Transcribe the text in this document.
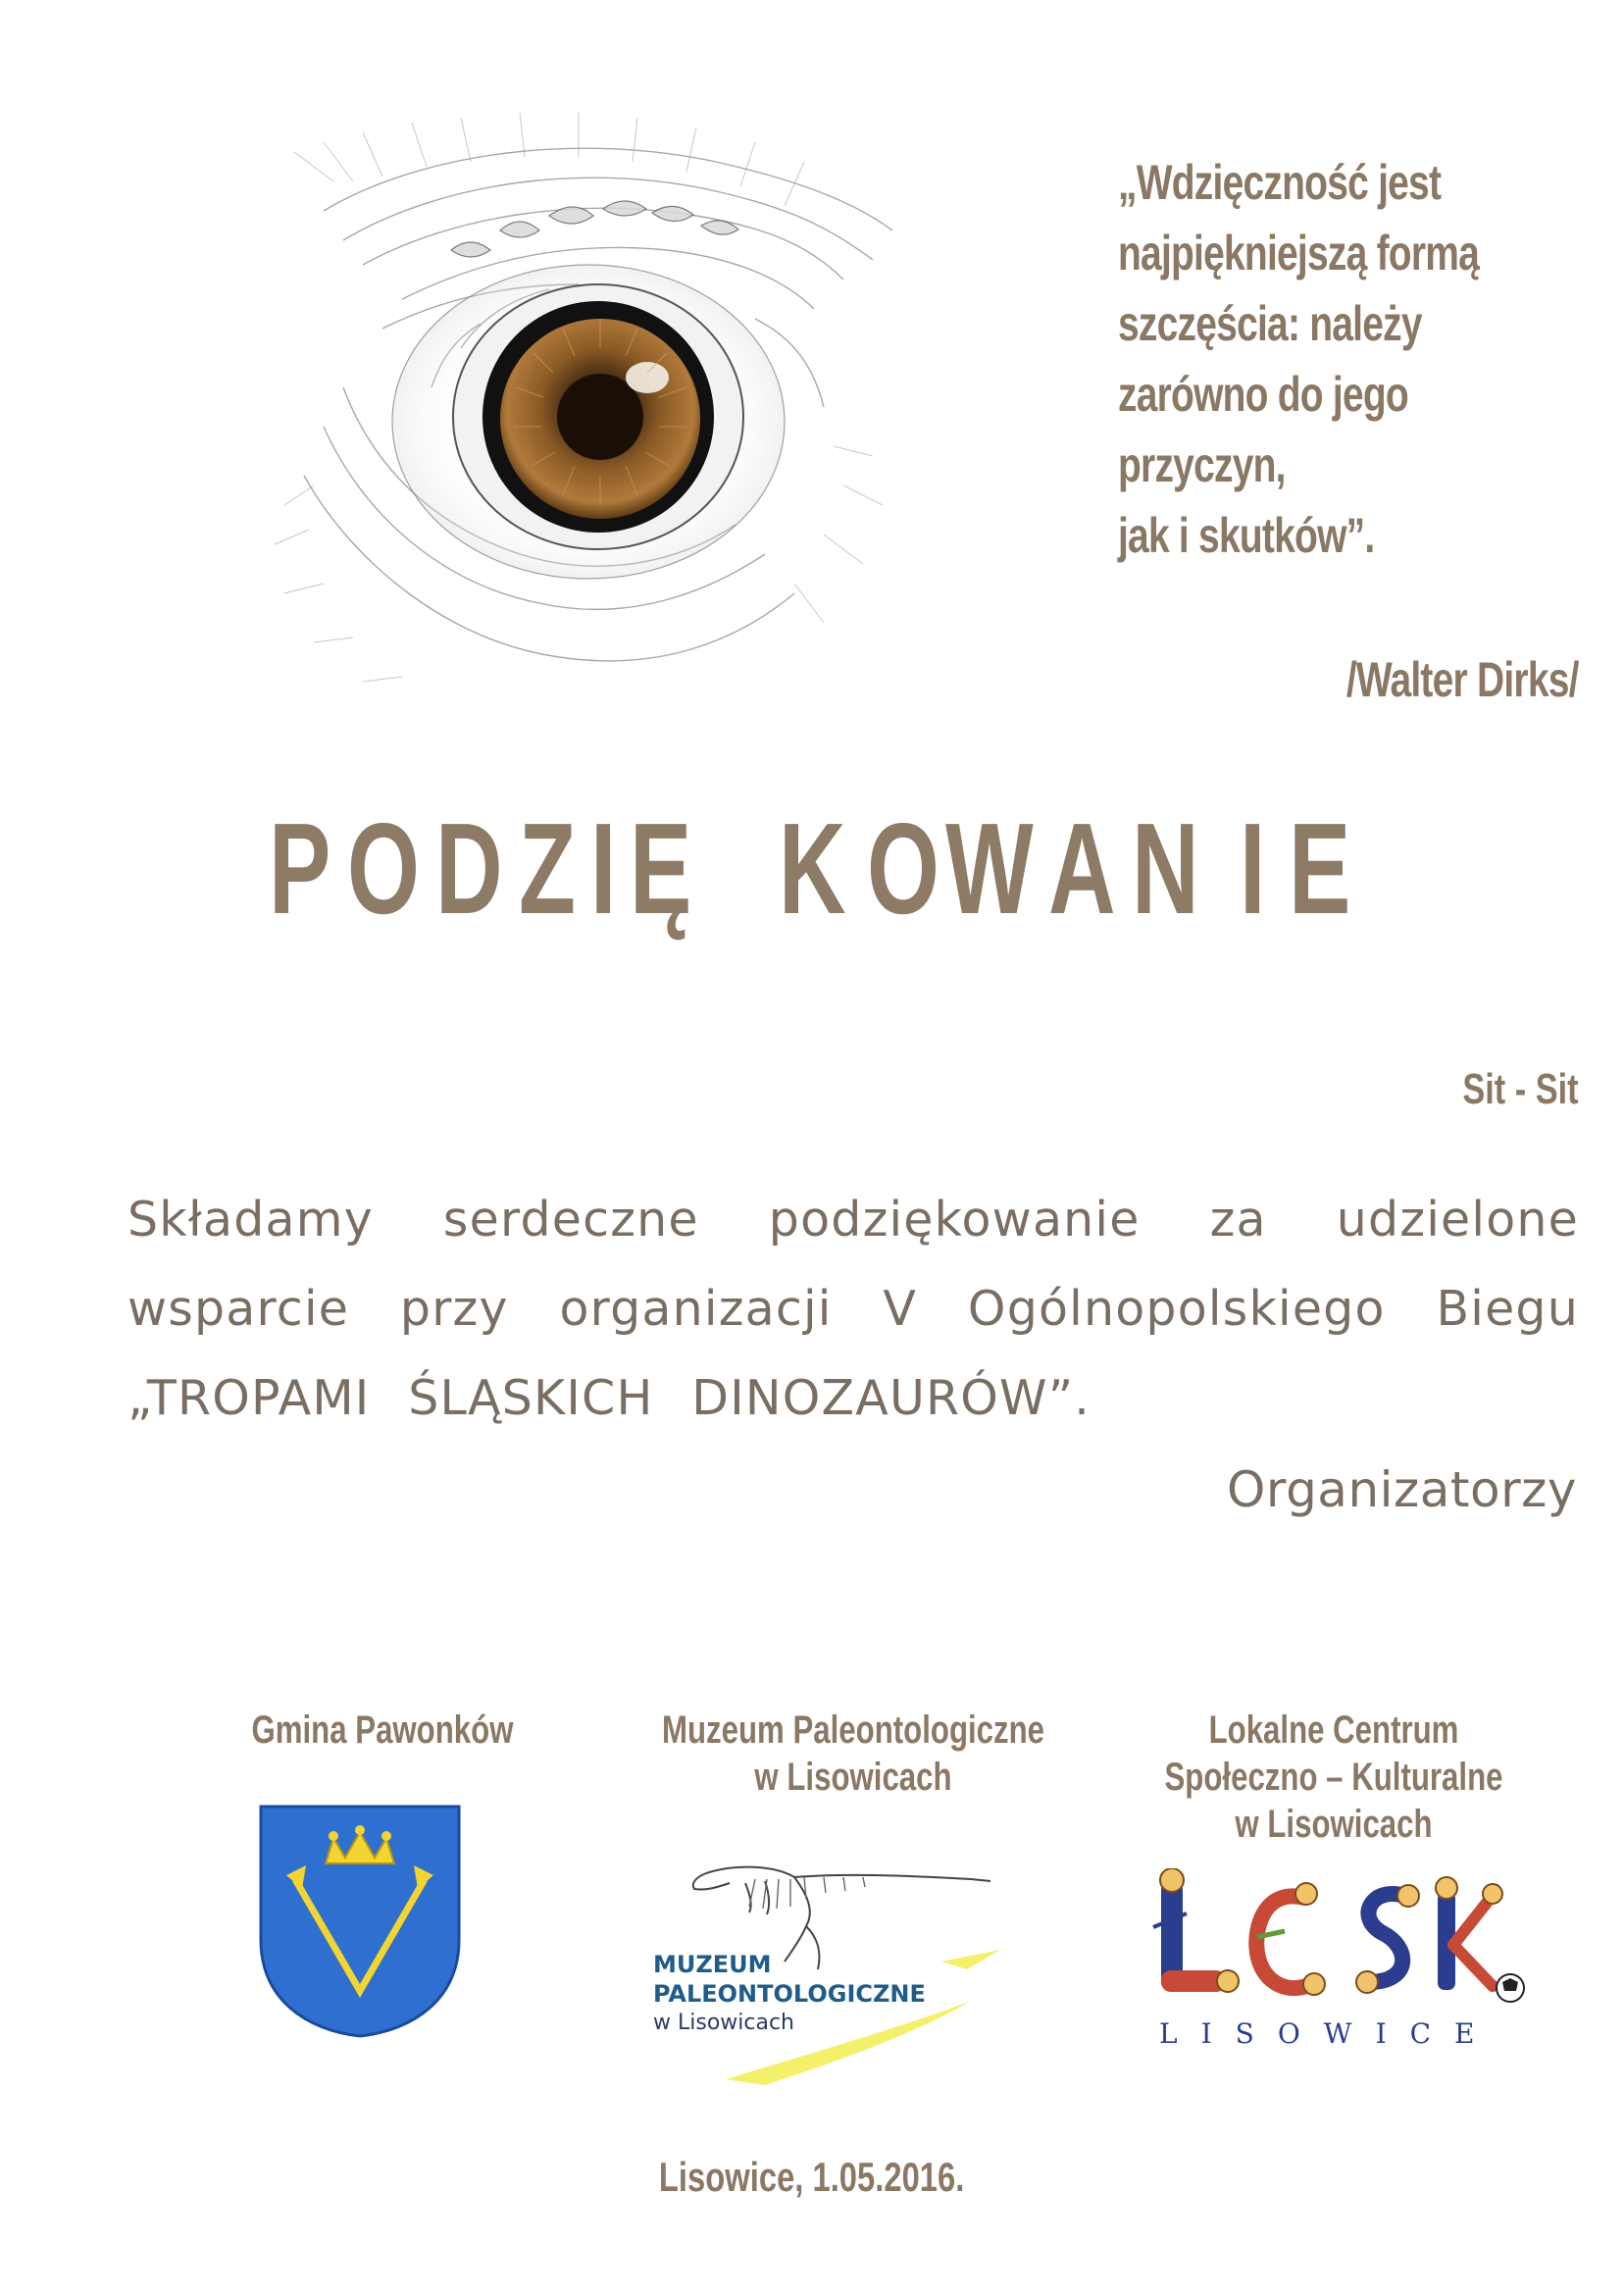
„Wdzięczność jest
najpiękniejszą formą
szczęścia: należy
zarówno do jego
przyczyn,
jak i skutków”.
/Walter Dirks/
P O D Z I Ę K O W A N I E
Sit - Sit
Składamy serdeczne podziękowanie za udzielone
wsparcie przy organizacji V Ogólnopolskiego Biegu
„TROPAMI ŚLĄSKICH DINOZAURÓW”.
Organizatorzy
Gmina Pawonków	Muzeum Paleontologiczne
w Lisowicach
Lokalne Centrum
Społeczno – Kulturalne
w Lisowicach
MUZEUM
PALEONTOLOGICZNE
w Lisowicach	LISOWICE
Lisowice, 1.05.2016.
